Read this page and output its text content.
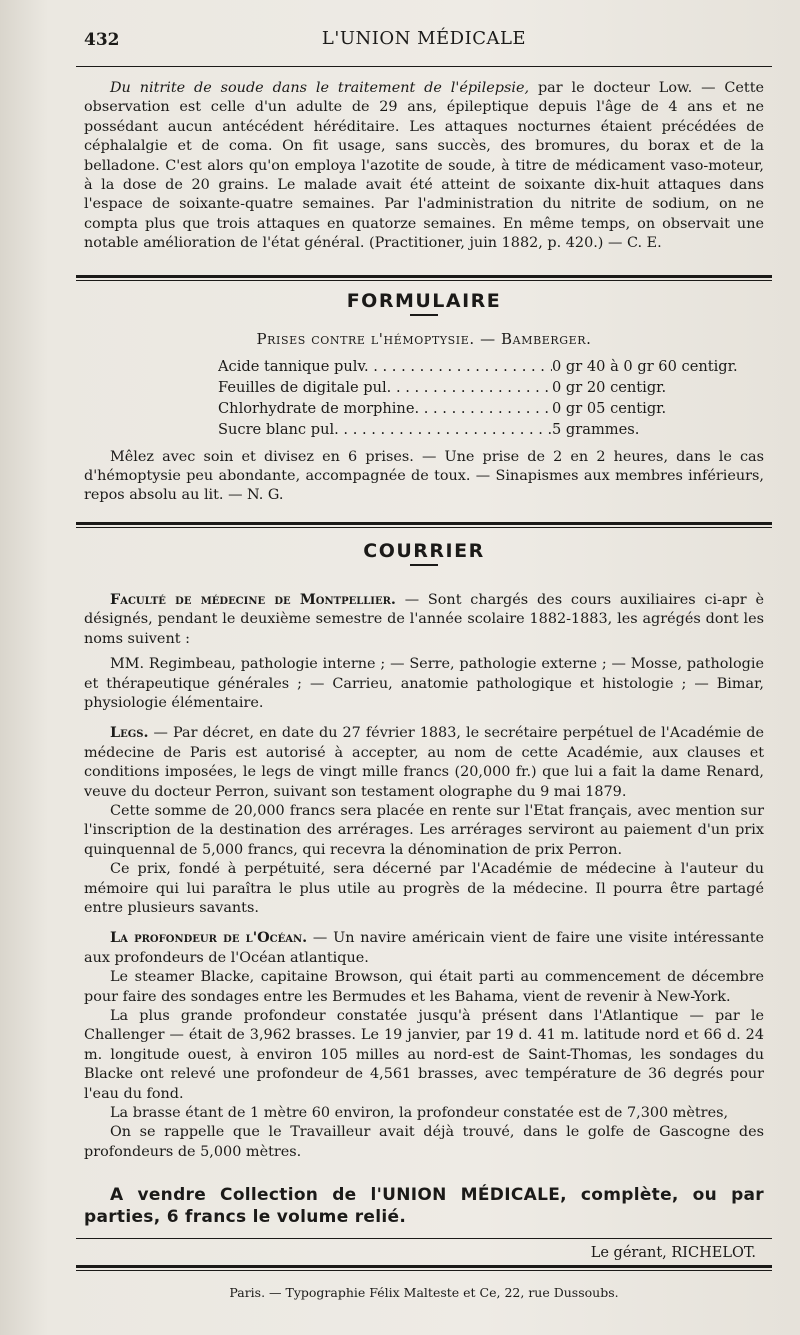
432	L'UNION MÉDICALE

Du nitrite de soude dans le traitement de l'épilepsie, par le docteur Low. — Cette observation est celle d'un adulte de 29 ans, épileptique depuis l'âge de 4 ans et ne possédant aucun antécédent héréditaire. Les attaques nocturnes étaient précédées de céphalalgie et de coma. On fit usage, sans succès, des bromures, du borax et de la belladone. C'est alors qu'on employa l'azotite de soude, à titre de médicament vaso-moteur, à la dose de 20 grains. Le malade avait été atteint de soixante dix-huit attaques dans l'espace de soixante-quatre semaines. Par l'administration du nitrite de sodium, on ne compta plus que trois attaques en quatorze semaines. En même temps, on observait une notable amélioration de l'état général. (Practitioner, juin 1882, p. 420.) — C. E.

FORMULAIRE
Prises contre l'hémoptysie. — Bamberger.
Acide tannique pulv. . . .	0 gr 40 à 0 gr 60 centigr.
Feuilles de digitale pul. . . .	0 gr 20 centigr.
Chlorhydrate de morphine. . . .	0 gr 05 centigr.
Sucre blanc pul. . . .	5 grammes.

Mêlez avec soin et divisez en 6 prises. — Une prise de 2 en 2 heures, dans le cas d'hémoptysie peu abondante, accompagnée de toux. — Sinapismes aux membres inférieurs, repos absolu au lit. — N. G.

COURRIER

Faculté de médecine de Montpellier. — Sont chargés des cours auxiliaires ci-apr è désignés, pendant le deuxième semestre de l'année scolaire 1882-1883, les agrégés dont les noms suivent :

MM. Regimbeau, pathologie interne ; — Serre, pathologie externe ; — Mosse, pathologie et thérapeutique générales ; — Carrieu, anatomie pathologique et histologie ; — Bimar, physiologie élémentaire.

Legs. — Par décret, en date du 27 février 1883, le secrétaire perpétuel de l'Académie de médecine de Paris est autorisé à accepter, au nom de cette Académie, aux clauses et conditions imposées, le legs de vingt mille francs (20,000 fr.) que lui a fait la dame Renard, veuve du docteur Perron, suivant son testament olographe du 9 mai 1879.

Cette somme de 20,000 francs sera placée en rente sur l'Etat français, avec mention sur l'inscription de la destination des arrérages. Les arrérages serviront au paiement d'un prix quinquennal de 5,000 francs, qui recevra la dénomination de prix Perron.

Ce prix, fondé à perpétuité, sera décerné par l'Académie de médecine à l'auteur du mémoire qui lui paraîtra le plus utile au progrès de la médecine. Il pourra être partagé entre plusieurs savants.

La profondeur de l'Océan. — Un navire américain vient de faire une visite intéressante aux profondeurs de l'Océan atlantique.

Le steamer Blacke, capitaine Browson, qui était parti au commencement de décembre pour faire des sondages entre les Bermudes et les Bahama, vient de revenir à New-York.

La plus grande profondeur constatée jusqu'à présent dans l'Atlantique — par le Challenger — était de 3,962 brasses. Le 19 janvier, par 19 d. 41 m. latitude nord et 66 d. 24 m. longitude ouest, à environ 105 milles au nord-est de Saint-Thomas, les sondages du Blacke ont relevé une profondeur de 4,561 brasses, avec température de 36 degrés pour l'eau du fond.

La brasse étant de 1 mètre 60 environ, la profondeur constatée est de 7,300 mètres,

On se rappelle que le Travailleur avait déjà trouvé, dans le golfe de Gascogne des profondeurs de 5,000 mètres.

A vendre Collection de l'UNION MÉDICALE, complète, ou par parties, 6 francs le volume relié.

Le gérant, RICHELOT.
Paris. — Typographie Félix Malteste et Ce, 22, rue Dussoubs.
